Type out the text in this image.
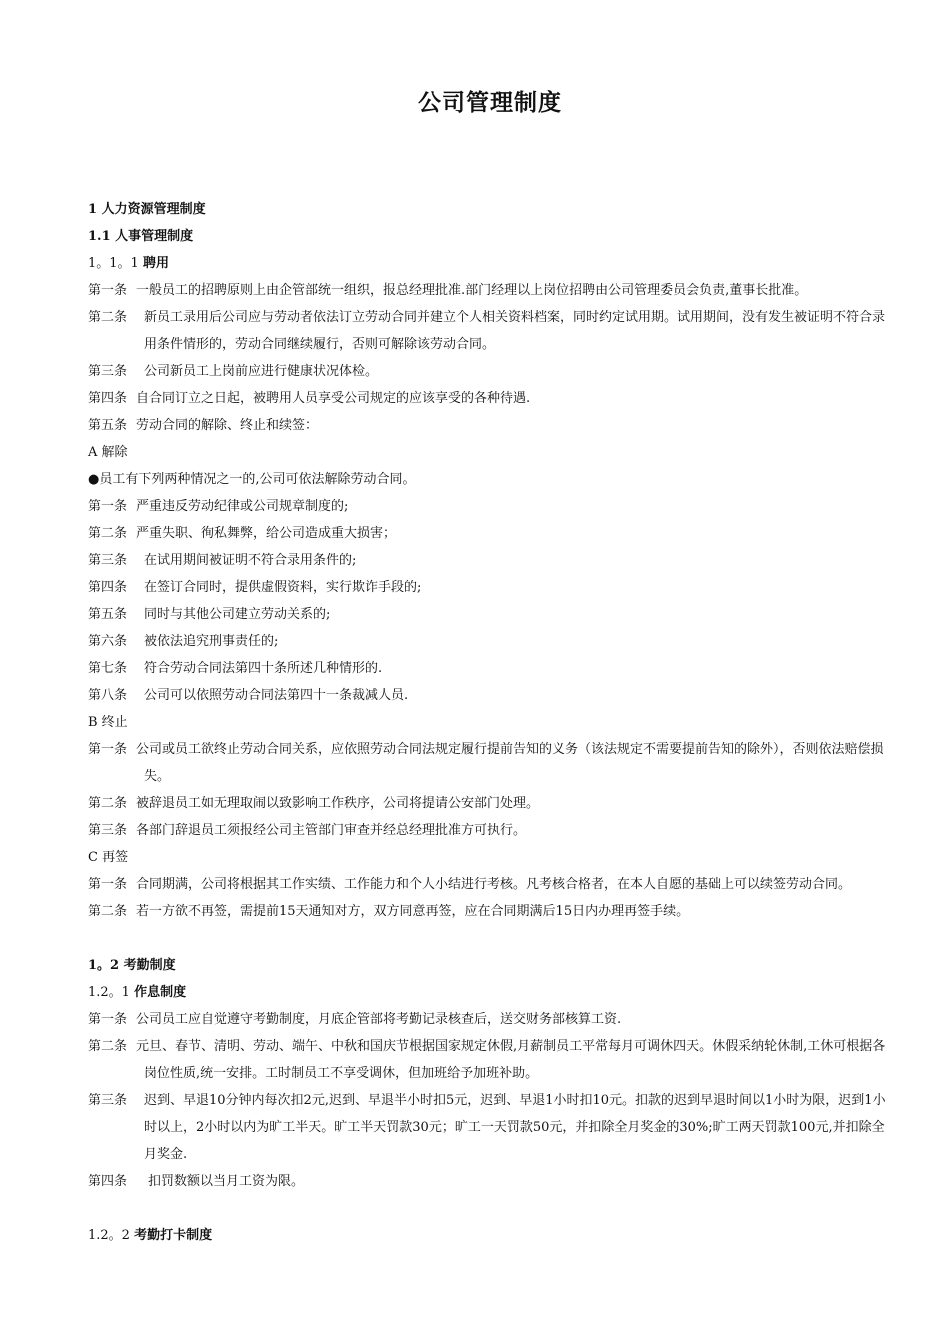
公司管理制度
1 人力资源管理制度
1.1 人事管理制度
1。1。1 聘用
第一条 一般员工的招聘原则上由企管部统一组织，报总经理批准.部门经理以上岗位招聘由公司管理委员会负责,董事长批准。
第二条	新员工录用后公司应与劳动者依法订立劳动合同并建立个人相关资料档案，同时约定试用期。试用期间，没有发生被证明不符合录用条件情形的，劳动合同继续履行，否则可解除该劳动合同。
第三条	公司新员工上岗前应进行健康状况体检。
第四条 自合同订立之日起，被聘用人员享受公司规定的应该享受的各种待遇.
第五条 劳动合同的解除、终止和续签：
A 解除
●员工有下列两种情况之一的,公司可依法解除劳动合同。
第一条 严重违反劳动纪律或公司规章制度的;
第二条 严重失职、徇私舞弊，给公司造成重大损害；
第三条	在试用期间被证明不符合录用条件的;
第四条	在签订合同时，提供虚假资料，实行欺诈手段的;
第五条	同时与其他公司建立劳动关系的;
第六条	被依法追究刑事责任的;
第七条	符合劳动合同法第四十条所述几种情形的.
第八条	公司可以依照劳动合同法第四十一条裁减人员.
B 终止
第一条 公司或员工欲终止劳动合同关系，应依照劳动合同法规定履行提前告知的义务（该法规定不需要提前告知的除外），否则依法赔偿损失。
第二条 被辞退员工如无理取闹以致影响工作秩序，公司将提请公安部门处理。
第三条 各部门辞退员工须报经公司主管部门审查并经总经理批准方可执行。
C 再签
第一条 合同期满，公司将根据其工作实绩、工作能力和个人小结进行考核。凡考核合格者，在本人自愿的基础上可以续签劳动合同。
第二条 若一方欲不再签，需提前15天通知对方，双方同意再签，应在合同期满后15日内办理再签手续。
1。2 考勤制度
1.2。1 作息制度
第一条 公司员工应自觉遵守考勤制度，月底企管部将考勤记录核查后，送交财务部核算工资.
第二条 元旦、春节、清明、劳动、端午、中秋和国庆节根据国家规定休假,月薪制员工平常每月可调休四天。休假采纳轮休制,工休可根据各岗位性质,统一安排。工时制员工不享受调休，但加班给予加班补助。
第三条	迟到、早退10分钟内每次扣2元,迟到、早退半小时扣5元，迟到、早退1小时扣10元。扣款的迟到早退时间以1小时为限，迟到1小时以上，2小时以内为旷工半天。旷工半天罚款30元；旷工一天罚款50元，并扣除全月奖金的30%;旷工两天罚款100元,并扣除全月奖金.
第四条	扣罚数额以当月工资为限。
1.2。2 考勤打卡制度
